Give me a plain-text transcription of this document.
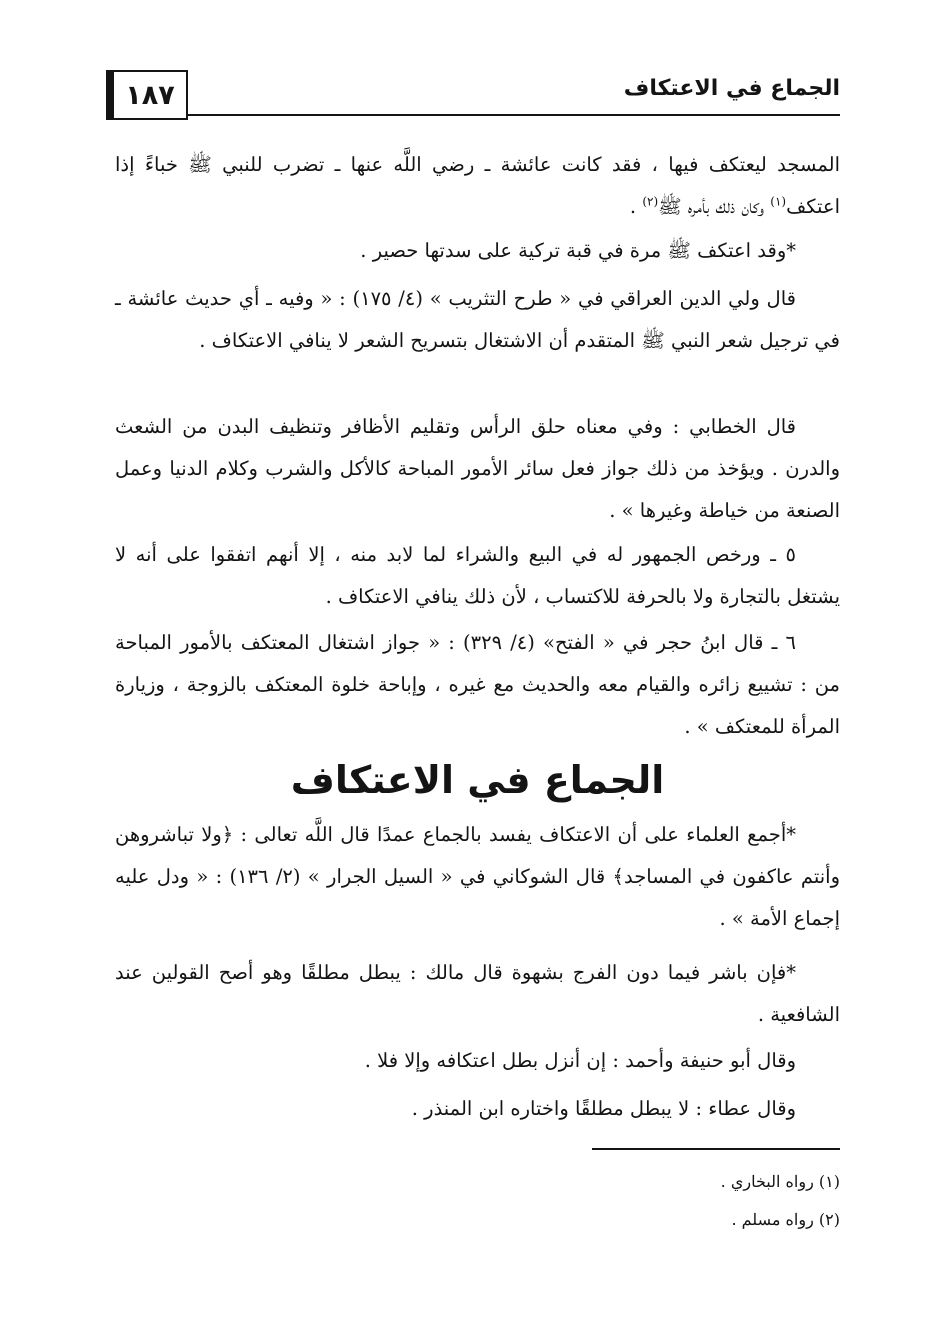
١٨٧	الجماع في الاعتكاف
المسجد ليعتكف فيها ، فقد كانت عائشة ـ رضي اللَّه عنها ـ تضرب للنبي ﷺ خباءً إذا اعتكف$^{(١)}$ وكان ذلك بأمره ﷺ$^{(٢)}$ .
*وقد اعتكف ﷺ مرة في قبة تركية على سدتها حصير .
قال ولي الدين العراقي في « طرح التثريب » (٤/ ١٧٥) : « وفيه ـ أي حديث عائشة ـ في ترجيل شعر النبي ﷺ المتقدم أن الاشتغال بتسريح الشعر لا ينافي الاعتكاف .
قال الخطابي : وفي معناه حلق الرأس وتقليم الأظافر وتنظيف البدن من الشعث والدرن . ويؤخذ من ذلك جواز فعل سائر الأمور المباحة كالأكل والشرب وكلام الدنيا وعمل الصنعة من خياطة وغيرها » .
٥ ـ ورخص الجمهور له في البيع والشراء لما لابد منه ، إلا أنهم اتفقوا على أنه لا يشتغل بالتجارة ولا بالحرفة للاكتساب ، لأن ذلك ينافي الاعتكاف .
٦ ـ قال ابنُ حجر في « الفتح» (٤/ ٣٢٩) : « جواز اشتغال المعتكف بالأمور المباحة من : تشييع زائره والقيام معه والحديث مع غيره ، وإباحة خلوة المعتكف بالزوجة ، وزيارة المرأة للمعتكف » .
الجماع في الاعتكاف
*أجمع العلماء على أن الاعتكاف يفسد بالجماع عمدًا قال اللَّه تعالى : ﴿ولا تباشروهن وأنتم عاكفون في المساجد﴾ قال الشوكاني في « السيل الجرار » (٢/ ١٣٦) : « ودل عليه إجماع الأمة » .
*فإن باشر فيما دون الفرج بشهوة قال مالك : يبطل مطلقًا وهو أصح القولين عند الشافعية .
وقال أبو حنيفة وأحمد : إن أنزل بطل اعتكافه وإلا فلا .
وقال عطاء : لا يبطل مطلقًا واختاره ابن المنذر .
(١) رواه البخاري .
(٢) رواه مسلم .
